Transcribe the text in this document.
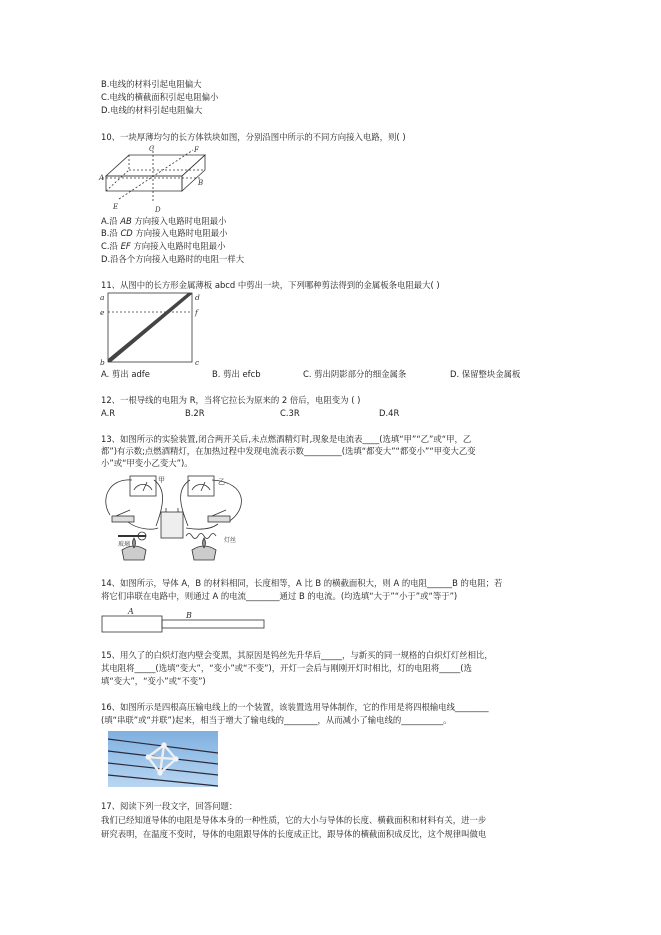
B.电线的材料引起电阻偏大
C.电线的横截面积引起电阻偏小
D.电线的材料引起电阻偏大
10、一块厚薄均匀的长方体铁块如图，分别沿图中所示的不同方向接入电路，则( )
C	F
A
B
E	D
A.沿 AB 方向接入电路时电阻最小
B.沿 CD 方向接入电路时电阻最小
C.沿 EF 方向接入电路时电阻最小
D.沿各个方向接入电路时的电阻一样大
11、从图中的长方形金属薄板 abcd 中剪出一块，下列哪种剪法得到的金属板条电阻最大( )
a	d
e	f
b	c
A. 剪出 adfe	B. 剪出 efcb	C. 剪出阴影部分的细金属条	D. 保留整块金属板
12、一根导线的电阻为 R，当将它拉长为原来的 2 倍后，电阻变为 ( )
A.R	B.2R	C.3R	D.4R
13、如图所示的实验装置,闭合两开关后,未点燃酒精灯时,现象是电流表____(选填“甲”“乙”或“甲，乙
都”)有示数;点燃酒精灯，在加热过程中发现电流表示数_________(选填“都变大”“都变小”“甲变大乙变
小”或“甲变小乙变大”)。
甲	乙
玻璃
灯丝
14、如图所示，导体 A，B 的材料相同，长度相等，A 比 B 的横截面积大，则 A 的电阻______B 的电阻；若
将它们串联在电路中，则通过 A 的电流________通过 B 的电流。(均选填“大于”“小于”或“等于”)
A	B
15、用久了的白炽灯泡内壁会变黑，其原因是钨丝先升华后_____，与新买的同一规格的白炽灯灯丝相比，
其电阻将_____(选填“变大”，“变小”或“不变”)，开灯一会后与刚刚开灯时相比，灯的电阻将_____(选
填“变大”，“变小”或“不变”)
16、如图所示是四根高压输电线上的一个装置，该装置选用导体制作，它的作用是将四根输电线________
(填“串联”或“并联”)起来，相当于增大了输电线的________，从而减小了输电线的__________。
17、阅读下列一段文字，回答问题：
我们已经知道导体的电阻是导体本身的一种性质，它的大小与导体的长度、横截面积和材料有关，进一步
研究表明，在温度不变时，导体的电阻跟导体的长度成正比，跟导体的横截面积成反比，这个规律叫做电
